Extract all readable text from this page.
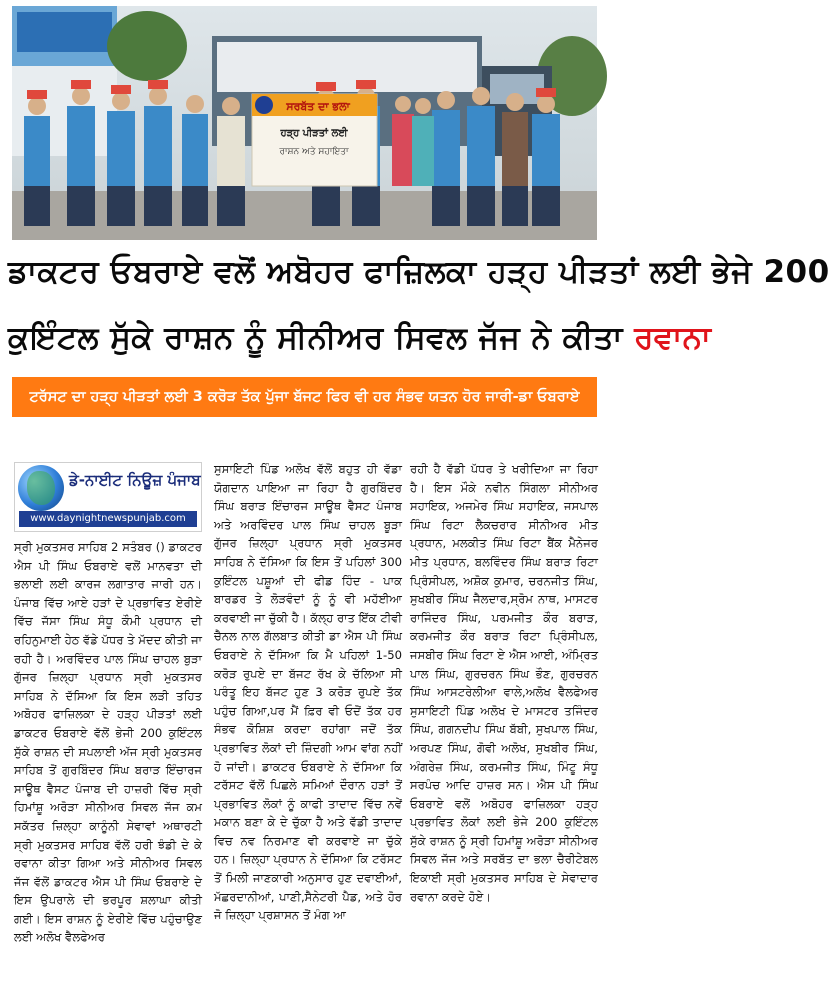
ਸਰਬੱਤ ਦਾ ਭਲਾ
ਹੜ੍ਹ ਪੀੜਤਾਂ ਲਈ
ਰਾਸ਼ਨ ਅਤੇ ਸਹਾਇਤਾ
ਡਾਕਟਰ ਓਬਰਾਏ ਵਲੋਂ ਅਬੋਹਰ ਫਾਜ਼ਿਲਕਾ ਹੜ੍ਹ ਪੀੜਤਾਂ ਲਈ ਭੇਜੇ 200
ਕੁਇੰਟਲ ਸੁੱਕੇ ਰਾਸ਼ਨ ਨੂੰ ਸੀਨੀਅਰ ਸਿਵਲ ਜੱਜ ਨੇ ਕੀਤਾ ਰਵਾਨਾ
ਟਰੱਸਟ ਦਾ ਹੜ੍ਹ ਪੀੜਤਾਂ ਲਈ 3 ਕਰੋੜ ਤੱਕ ਪੁੱਜਾ ਬੱਜਟ ਫਿਰ ਵੀ ਹਰ ਸੰਭਵ ਯਤਨ ਹੋਰ ਜਾਰੀ-ਡਾ ਓਬਰਾਏ
ਡੇ-ਨਾਈਟ ਨਿਊਜ਼ ਪੰਜਾਬ
www.daynightnewspunjab.com
ਸ੍ਰੀ ਮੁਕਤਸਰ ਸਾਹਿਬ 2 ਸਤੰਬਰ () ਡਾਕਟਰ ਐਸ ਪੀ ਸਿੰਘ ਓਬਰਾਏ ਵਲੋਂ ਮਾਨਵਤਾ ਦੀ ਭਲਾਈ ਲਈ ਕਾਰਜ ਲਗਾਤਾਰ ਜਾਰੀ ਹਨ। ਪੰਜਾਬ ਵਿੱਚ ਆਏ ਹੜਾਂ ਦੇ ਪ੍ਰਭਾਵਿਤ ਏਰੀਏ ਵਿੱਚ ਜੱਸਾ ਸਿੰਘ ਸੰਧੂ ਕੌਮੀ ਪ੍ਰਧਾਨ ਦੀ ਰਹਿਨੁਮਾਈ ਹੇਠ ਵੱਡੇ ਪੱਧਰ ਤੇ ਮੱਦਦ ਕੀਤੀ ਜਾ ਰਹੀ ਹੈ। ਅਰਵਿੰਦਰ ਪਾਲ ਸਿੰਘ ਚਾਹਲ ਬੁੜਾ ਗੁੱਜਰ ਜ਼ਿਲ੍ਹਾ ਪ੍ਰਧਾਨ ਸ੍ਰੀ ਮੁਕਤਸਰ ਸਾਹਿਬ ਨੇ ਦੱਸਿਆ ਕਿ ਇਸ ਲੜੀ ਤਹਿਤ ਅਬੋਹਰ ਫਾਜ਼ਿਲਕਾ ਦੇ ਹੜ੍ਹ ਪੀੜਤਾਂ ਲਈ ਡਾਕਟਰ ਓਬਰਾਏ ਵੱਲੋਂ ਭੇਜੀ 200 ਕੁਇੰਟਲ ਸੁੱਕੇ ਰਾਸ਼ਨ ਦੀ ਸਪਲਾਈ ਅੱਜ ਸ੍ਰੀ ਮੁਕਤਸਰ ਸਾਹਿਬ ਤੋਂ ਗੁਰਬਿੰਦਰ ਸਿੰਘ ਬਰਾੜ ਇੰਚਾਰਜ ਸਾਊਥ ਵੈਸਟ ਪੰਜਾਬ ਦੀ ਹਾਜ਼ਰੀ ਵਿੱਚ ਸ੍ਰੀ ਹਿਮਾਂਸ਼ੂ ਅਰੋੜਾ ਸੀਨੀਅਰ ਸਿਵਲ ਜੱਜ ਕਮ ਸਕੱਤਰ ਜ਼ਿਲ੍ਹਾ ਕਾਨੂੰਨੀ ਸੇਵਾਵਾਂ ਅਥਾਰਟੀ ਸ੍ਰੀ ਮੁਕਤਸਰ ਸਾਹਿਬ ਵੱਲੋਂ ਹਰੀ ਝੰਡੀ ਦੇ ਕੇ ਰਵਾਨਾ ਕੀਤਾ ਗਿਆ ਅਤੇ ਸੀਨੀਅਰ ਸਿਵਲ ਜੱਜ ਵੱਲੋਂ ਡਾਕਟਰ ਐਸ ਪੀ ਸਿੰਘ ਓਬਰਾਏ ਦੇ ਇਸ ਉਪਰਾਲੇ ਦੀ ਭਰਪੂਰ ਸ਼ਲਾਘਾ ਕੀਤੀ ਗਈ। ਇਸ ਰਾਸ਼ਨ ਨੂੰ ਏਰੀਏ ਵਿੱਚ ਪਹੁੰਚਾਉਣ ਲਈ ਅਲੋਖ ਵੈਲਫੇਅਰ
ਸੁਸਾਇਟੀ ਪਿੰਡ ਅਲੋਖ ਵੱਲੋਂ ਬਹੁਤ ਹੀ ਵੱਡਾ ਯੋਗਦਾਨ ਪਾਇਆ ਜਾ ਰਿਹਾ ਹੈ ਗੁਰਬਿੰਦਰ ਸਿੰਘ ਬਰਾੜ ਇੰਚਾਰਜ ਸਾਊਥ ਵੈਸਟ ਪੰਜਾਬ ਅਤੇ ਅਰਵਿੰਦਰ ਪਾਲ ਸਿੰਘ ਚਾਹਲ ਬੂੜਾ ਗੁੱਜਰ ਜ਼ਿਲ੍ਹਾ ਪ੍ਰਧਾਨ ਸ੍ਰੀ ਮੁਕਤਸਰ ਸਾਹਿਬ ਨੇ ਦੱਸਿਆ ਕਿ ਇਸ ਤੋਂ ਪਹਿਲਾਂ 300 ਕੁਇੰਟਲ ਪਸ਼ੂਆਂ ਦੀ ਫੀਡ ਹਿੰਦ - ਪਾਕ ਬਾਰਡਰ ਤੇ ਲੋੜਵੰਦਾਂ ਨੂੰ ਨੂੰ ਵੀ ਮਹੱਈਆ ਕਰਵਾਈ ਜਾ ਚੁੱਕੀ ਹੈ। ਕੱਲ੍ਹ ਰਾਤ ਇੱਕ ਟੀਵੀ ਚੈਨਲ ਨਾਲ ਗੱਲਬਾਤ ਕੀਤੀ ਡਾ ਐਸ ਪੀ ਸਿੰਘ ਓਬਰਾਏ ਨੇ ਦੱਸਿਆ ਕਿ ਮੈ ਪਹਿਲਾਂ 1-50 ਕਰੋੜ ਰੁਪਏ ਦਾ ਬੱਜਟ ਰੱਖ ਕੇ ਚੱਲਿਆ ਸੀ ਪਰੰਤੂ ਇਹ ਬੱਜਟ ਹੁਣ 3 ਕਰੋੜ ਰੁਪਏ ਤੱਕ ਪਹੁੰਚ ਗਿਆ,ਪਰ ਮੈਂ ਫ਼ਿਰ ਵੀ ਓਦੋਂ ਤੱਕ ਹਰ ਸੰਭਵ ਕੋਸ਼ਿਸ਼ ਕਰਦਾ ਰਹਾਂਗਾ ਜਦੋਂ ਤੱਕ ਪ੍ਰਭਾਵਿਤ ਲੋਕਾਂ ਦੀ ਜ਼ਿੰਦਗੀ ਆਮ ਵਾਂਗ ਨਹੀਂ ਹੋ ਜਾਂਦੀ। ਡਾਕਟਰ ਓਬਰਾਏ ਨੇ ਦੱਸਿਆ ਕਿ ਟਰੱਸਟ ਵੱਲੋਂ ਪਿਛਲੇ ਸਮਿਆਂ ਦੌਰਾਨ ਹੜਾਂ ਤੋਂ ਪ੍ਰਭਾਵਿਤ ਲੋਕਾਂ ਨੂੰ ਕਾਫੀ ਤਾਦਾਦ ਵਿੱਚ ਨਵੇਂ ਮਕਾਨ ਬਣਾ ਕੇ ਦੇ ਚੁੱਕਾ ਹੈ ਅਤੇ ਵੱਡੀ ਤਾਦਾਦ ਵਿਚ ਨਵ ਨਿਰਮਾਣ ਵੀ ਕਰਵਾਏ ਜਾ ਚੁੱਕੇ ਹਨ। ਜ਼ਿਲ੍ਹਾ ਪ੍ਰਧਾਨ ਨੇ ਦੱਸਿਆ ਕਿ ਟਰੱਸਟ ਤੋਂ ਮਿਲੀ ਜਾਣਕਾਰੀ ਅਨੁਸਾਰ ਹੁਣ ਦਵਾਈਆਂ, ਮੱਛਰਦਾਨੀਆਂ, ਪਾਣੀ,ਸੈਨੇਟਰੀ ਪੈਡ, ਅਤੇ ਹੋਰ ਜੋ ਜ਼ਿਲ੍ਹਾ ਪ੍ਰਸ਼ਾਸਨ ਤੋਂ ਮੰਗ ਆ
ਰਹੀ ਹੈ ਵੱਡੀ ਪੱਧਰ ਤੇ ਖਰੀਦਿਆ ਜਾ ਰਿਹਾ ਹੈ। ਇਸ ਮੌਕੇ ਨਵੀਨ ਸਿੰਗਲਾ ਸੀਨੀਅਰ ਸਹਾਇਕ, ਅਜਮੇਰ ਸਿੰਘ ਸਹਾਇਕ, ਜਸਪਾਲ ਸਿੰਘ ਰਿਟਾ ਲੈਕਚਰਾਰ ਸੀਨੀਅਰ ਮੀਤ ਪ੍ਰਧਾਨ, ਮਲਕੀਤ ਸਿੰਘ ਰਿਟਾ ਬੈਂਕ ਮੈਨੇਜਰ ਮੀਤ ਪ੍ਰਧਾਨ, ਬਲਵਿੰਦਰ ਸਿੰਘ ਬਰਾੜ ਰਿਟਾ ਪ੍ਰਿੰਸੀਪਲ, ਅਸ਼ੋਕ ਕੁਮਾਰ, ਚਰਨਜੀਤ ਸਿੰਘ, ਸੁਖਬੀਰ ਸਿੰਘ ਜੈਲਦਾਰ,ਸ੍ਰੋਮ ਨਾਥ, ਮਾਸਟਰ ਰਾਜਿੰਦਰ ਸਿੰਘ, ਪਰਮਜੀਤ ਕੌਰ ਬਰਾੜ, ਕਰਮਜੀਤ ਕੌਰ ਬਰਾੜ ਰਿਟਾ ਪ੍ਰਿੰਸੀਪਲ, ਜਸਬੀਰ ਸਿੰਘ ਰਿਟਾ ਏ ਐਸ ਆਈ, ਅੰਮ੍ਰਿਤ ਪਾਲ ਸਿੰਘ, ਗੁਰਚਰਨ ਸਿੰਘ ਭੌਣ, ਗੁਰਚਰਨ ਸਿੰਘ ਆਸਟਰੇਲੀਆ ਵਾਲੇ,ਅਲੋਖ ਵੈਲਫੇਅਰ ਸੁਸਾਇਟੀ ਪਿੰਡ ਅਲੋਖ ਦੇ ਮਾਸਟਰ ਤਜਿੰਦਰ ਸਿੰਘ, ਗਗਨਦੀਪ ਸਿੰਘ ਬੱਬੀ, ਸੁਖਪਾਲ ਸਿੰਘ, ਅਰਪਣ ਸਿੰਘ, ਗੋਵੀ ਅਲੋਖ, ਸੁਖਬੀਰ ਸਿੰਘ, ਅੰਗਰੇਜ਼ ਸਿੰਘ, ਕਰਮਜੀਤ ਸਿੰਘ, ਮਿੰਟੂ ਸੰਧੂ ਸਰਪੰਚ ਆਦਿ ਹਾਜ਼ਰ ਸਨ। ਐਸ ਪੀ ਸਿੰਘ ਓਬਰਾਏ ਵਲੋਂ ਅਬੋਹਰ ਫਾਜ਼ਿਲਕਾ ਹੜ੍ਹ ਪ੍ਰਭਾਵਿਤ ਲੋਕਾਂ ਲਈ ਭੇਜੇ 200 ਕੁਇੰਟਲ ਸੁੱਕੇ ਰਾਸ਼ਨ ਨੂੰ ਸ੍ਰੀ ਹਿਮਾਂਸ਼ੂ ਅਰੋੜਾ ਸੀਨੀਅਰ ਸਿਵਲ ਜੱਜ ਅਤੇ ਸਰਬੱਤ ਦਾ ਭਲਾ ਚੈਰੀਟੇਬਲ ਇਕਾਈ ਸ੍ਰੀ ਮੁਕਤਸਰ ਸਾਹਿਬ ਦੇ ਸੇਵਾਦਾਰ ਰਵਾਨਾ ਕਰਦੇ ਹੋਏ।
